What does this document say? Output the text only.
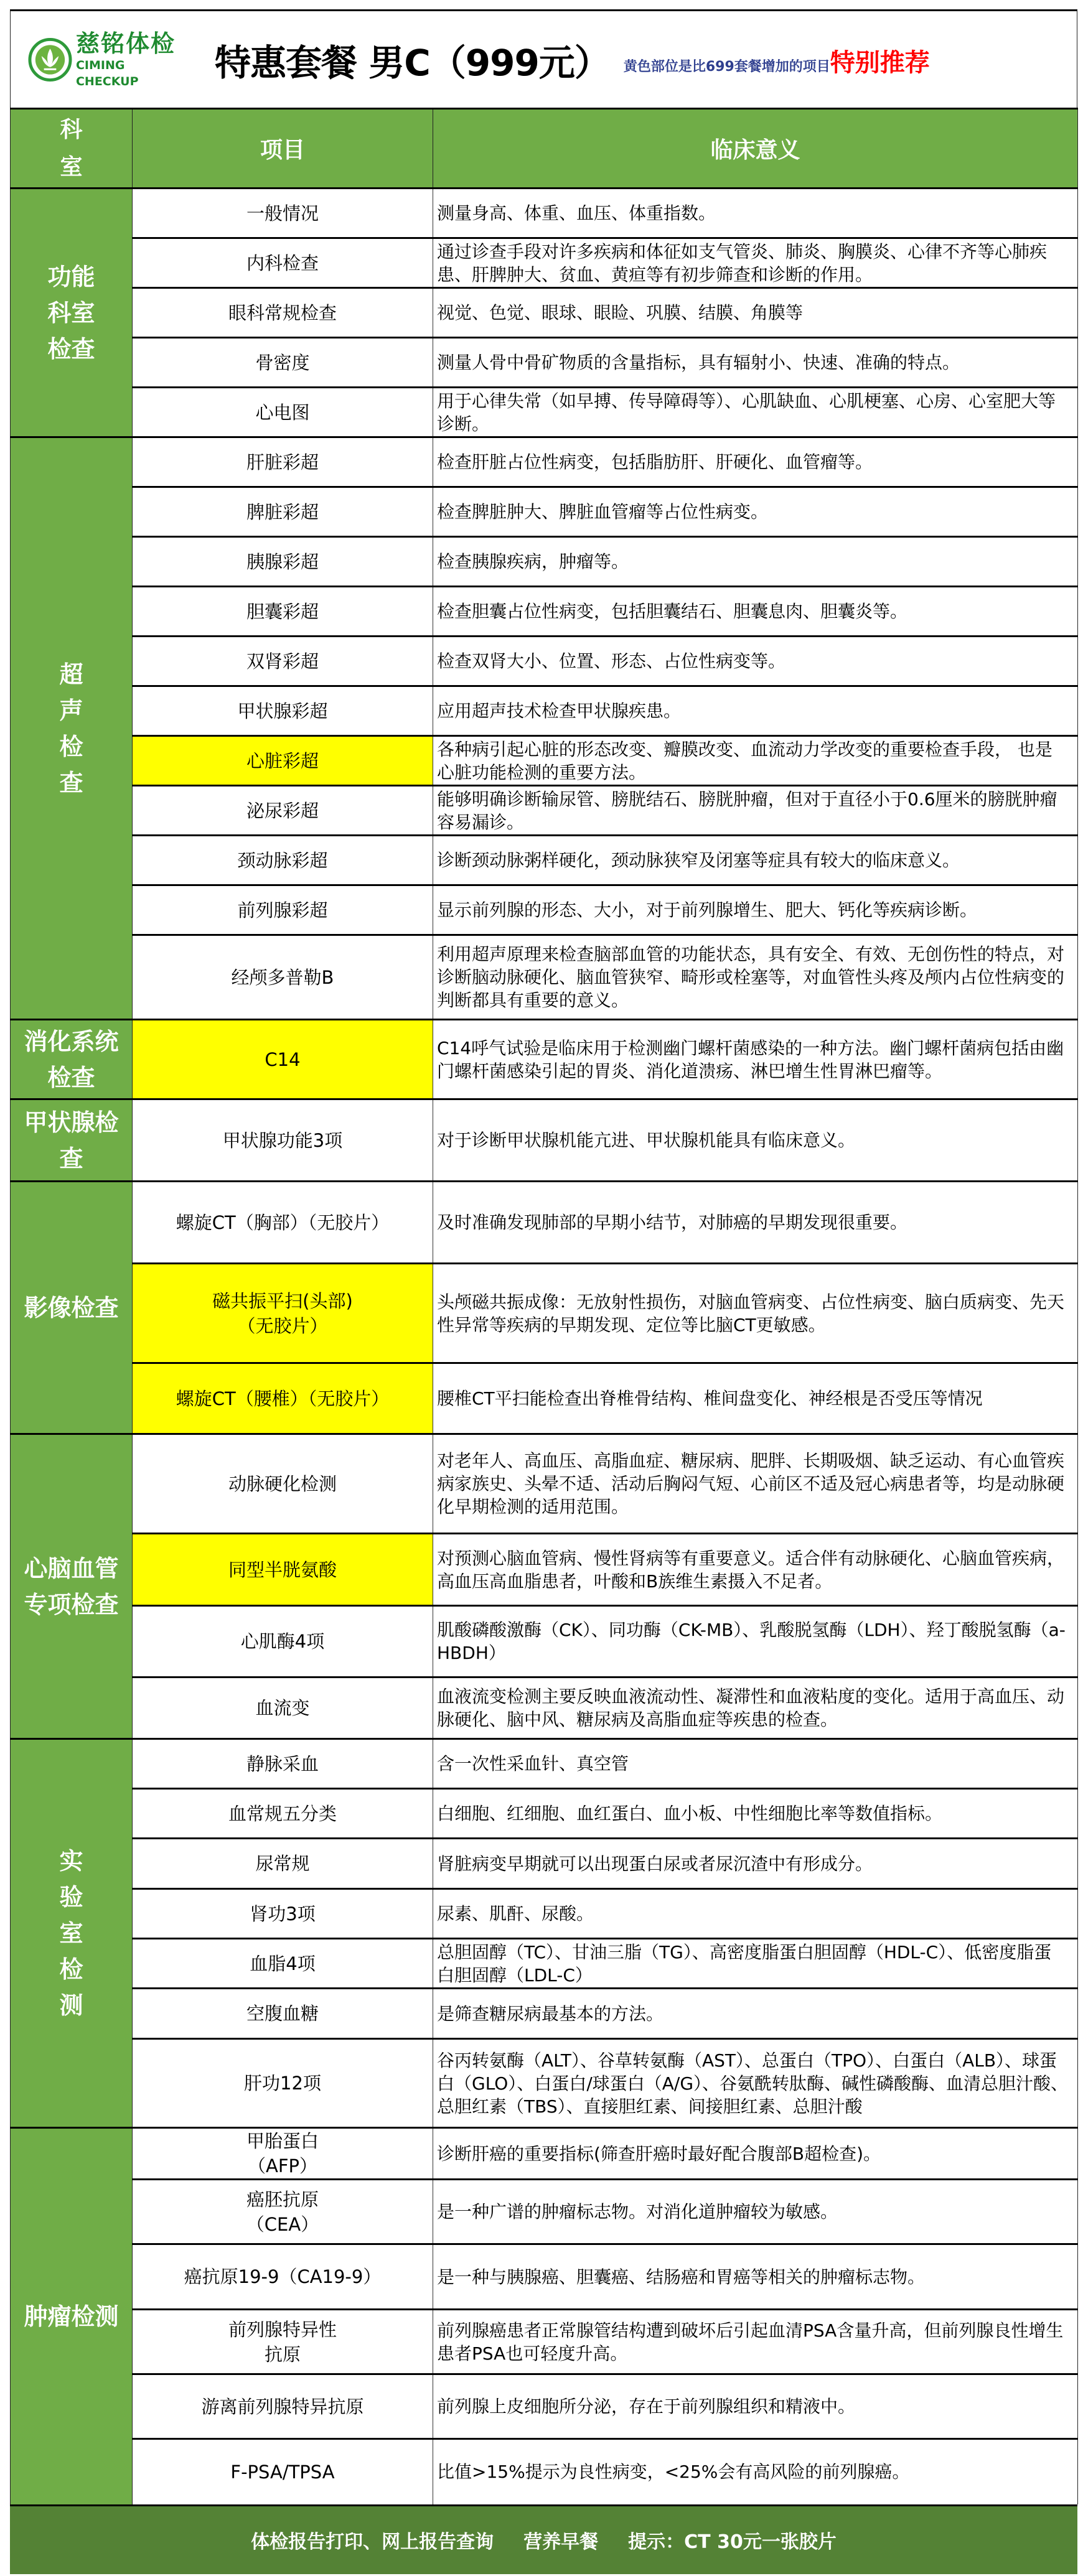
慈铭体检
CIMING CHECKUP	特惠套餐 男C（999元） 黄色部位是比699套餐增加的项目 特别推荐
科
室	项目	临床意义
功能
科室
检查	一般情况	测量身高、体重、血压、体重指数。
	内科检查	通过诊查手段对许多疾病和体征如支气管炎、肺炎、胸膜炎、心律不齐等心肺疾患、肝脾肿大、贫血、黄疸等有初步筛查和诊断的作用。
	眼科常规检查	视觉、色觉、眼球、眼睑、巩膜、结膜、角膜等
	骨密度	测量人骨中骨矿物质的含量指标，具有辐射小、快速、准确的特点。
	心电图	用于心律失常（如早搏、传导障碍等）、心肌缺血、心肌梗塞、心房、心室肥大等诊断。
超
声
检
查	肝脏彩超	检查肝脏占位性病变，包括脂肪肝、肝硬化、血管瘤等。
	脾脏彩超	检查脾脏肿大、脾脏血管瘤等占位性病变。
	胰腺彩超	检查胰腺疾病，肿瘤等。
	胆囊彩超	检查胆囊占位性病变，包括胆囊结石、胆囊息肉、胆囊炎等。
	双肾彩超	检查双肾大小、位置、形态、占位性病变等。
	甲状腺彩超	应用超声技术检查甲状腺疾患。
	心脏彩超	各种病引起心脏的形态改变、瓣膜改变、血流动力学改变的重要检查手段， 也是心脏功能检测的重要方法。
	泌尿彩超	能够明确诊断输尿管、膀胱结石、膀胱肿瘤，但对于直径小于0.6厘米的膀胱肿瘤容易漏诊。
	颈动脉彩超	诊断颈动脉粥样硬化，颈动脉狭窄及闭塞等症具有较大的临床意义。
	前列腺彩超	显示前列腺的形态、大小，对于前列腺增生、肥大、钙化等疾病诊断。
	经颅多普勒B	利用超声原理来检查脑部血管的功能状态，具有安全、有效、无创伤性的特点，对诊断脑动脉硬化、脑血管狭窄、畸形或栓塞等，对血管性头疼及颅内占位性病变的判断都具有重要的意义。
消化系统
检查	C14	C14呼气试验是临床用于检测幽门螺杆菌感染的一种方法。幽门螺杆菌病包括由幽门螺杆菌感染引起的胃炎、消化道溃疡、淋巴增生性胃淋巴瘤等。
甲状腺检
查	甲状腺功能3项	对于诊断甲状腺机能亢进、甲状腺机能具有临床意义。
影像检查	螺旋CT（胸部）（无胶片）	及时准确发现肺部的早期小结节，对肺癌的早期发现很重要。
	磁共振平扫(头部)
（无胶片）	头颅磁共振成像：无放射性损伤，对脑血管病变、占位性病变、脑白质病变、先天性异常等疾病的早期发现、定位等比脑CT更敏感。
	螺旋CT（腰椎）（无胶片）	腰椎CT平扫能检查出脊椎骨结构、椎间盘变化、神经根是否受压等情况
心脑血管
专项检查	动脉硬化检测	对老年人、高血压、高脂血症、糖尿病、肥胖、长期吸烟、缺乏运动、有心血管疾病家族史、头晕不适、活动后胸闷气短、心前区不适及冠心病患者等，均是动脉硬化早期检测的适用范围。
	同型半胱氨酸	对预测心脑血管病、慢性肾病等有重要意义。适合伴有动脉硬化、心脑血管疾病，高血压高血脂患者，叶酸和B族维生素摄入不足者。
	心肌酶4项	肌酸磷酸激酶（CK）、同功酶（CK-MB）、乳酸脱氢酶（LDH）、羟丁酸脱氢酶（a-HBDH）
	血流变	血液流变检测主要反映血液流动性、凝滞性和血液粘度的变化。适用于高血压、动脉硬化、脑中风、糖尿病及高脂血症等疾患的检查。
实
验
室
检
测	静脉采血	含一次性采血针、真空管
	血常规五分类	白细胞、红细胞、血红蛋白、血小板、中性细胞比率等数值指标。
	尿常规	肾脏病变早期就可以出现蛋白尿或者尿沉渣中有形成分。
	肾功3项	尿素、肌酐、尿酸。
	血脂4项	总胆固醇（TC）、甘油三脂（TG）、高密度脂蛋白胆固醇（HDL-C）、低密度脂蛋白胆固醇（LDL-C）
	空腹血糖	是筛查糖尿病最基本的方法。
	肝功12项	谷丙转氨酶（ALT）、谷草转氨酶（AST）、总蛋白（TPO）、白蛋白（ALB）、球蛋白（GLO）、白蛋白/球蛋白（A/G）、谷氨酰转肽酶、碱性磷酸酶、血清总胆汁酸、总胆红素（TBS）、直接胆红素、间接胆红素、总胆汁酸
肿瘤检测	甲胎蛋白
（AFP）	诊断肝癌的重要指标(筛查肝癌时最好配合腹部B超检查)。
	癌胚抗原
（CEA）	是一种广谱的肿瘤标志物。对消化道肿瘤较为敏感。
	癌抗原19-9（CA19-9）	是一种与胰腺癌、胆囊癌、结肠癌和胃癌等相关的肿瘤标志物。
	前列腺特异性
抗原	前列腺癌患者正常腺管结构遭到破坏后引起血清PSA含量升高，但前列腺良性增生患者PSA也可轻度升高。
	游离前列腺特异抗原	前列腺上皮细胞所分泌，存在于前列腺组织和精液中。
	F-PSA/TPSA	比值>15%提示为良性病变，<25%会有高风险的前列腺癌。
体检报告打印、网上报告查询 营养早餐 提示：CT 30元一张胶片
